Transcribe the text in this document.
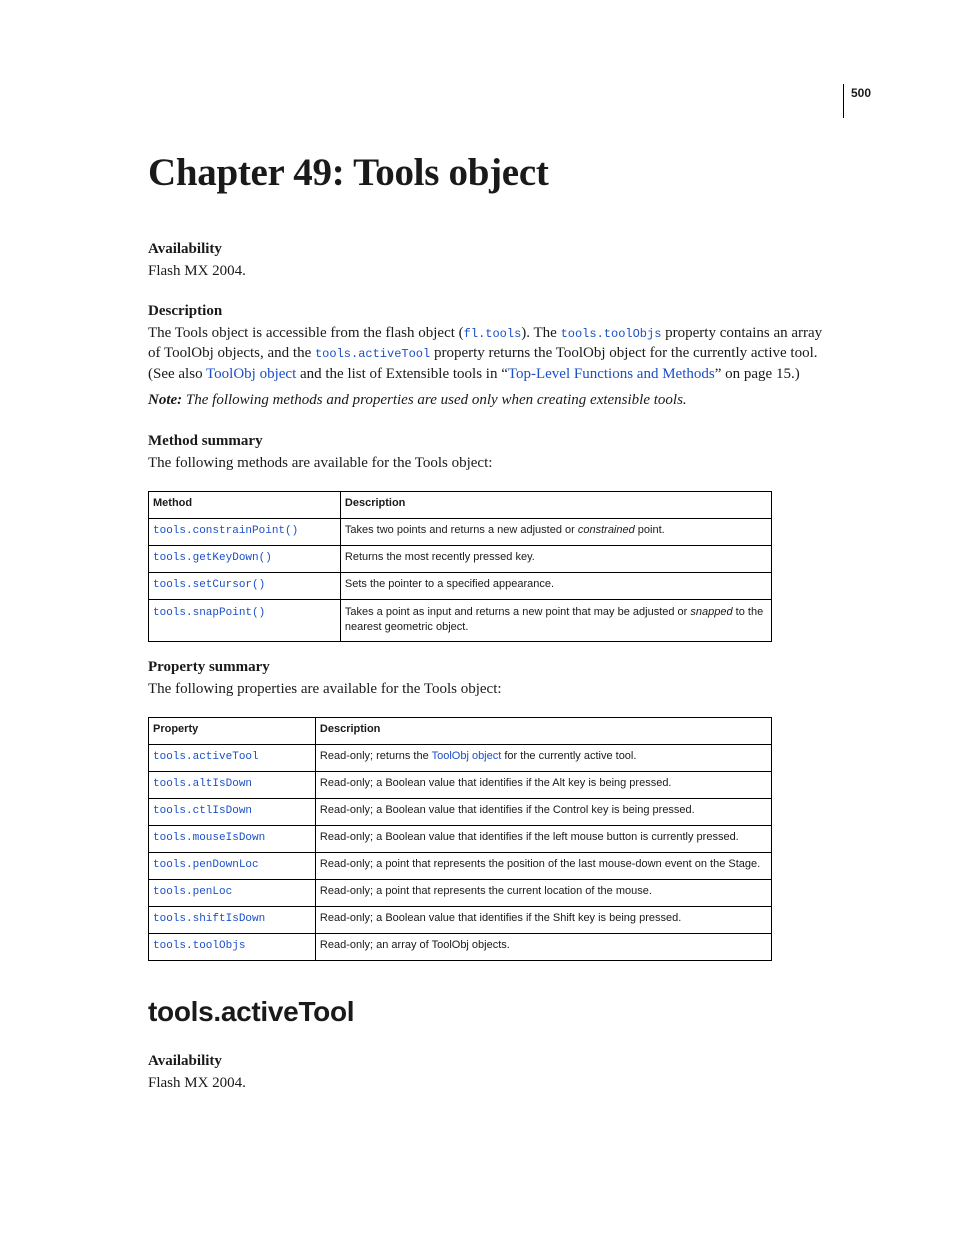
500
Chapter 49: Tools object
Availability
Flash MX 2004.
Description

The Tools object is accessible from the flash object (fl.tools). The tools.toolObjs property contains an array of ToolObj objects, and the tools.activeTool property returns the ToolObj object for the currently active tool. (See also ToolObj object and the list of Extensible tools in “Top-Level Functions and Methods” on page 15.)

Note: The following methods and properties are used only when creating extensible tools.
Method summary
The following methods are available for the Tools object:
Method	Description
tools.constrainPoint()	Takes two points and returns a new adjusted or constrained point.
tools.getKeyDown()	Returns the most recently pressed key.
tools.setCursor()	Sets the pointer to a specified appearance.
tools.snapPoint()	Takes a point as input and returns a new point that may be adjusted or snapped to the nearest geometric object.
Property summary
The following properties are available for the Tools object:
Property	Description
tools.activeTool	Read-only; returns the ToolObj object for the currently active tool.
tools.altIsDown	Read-only; a Boolean value that identifies if the Alt key is being pressed.
tools.ctlIsDown	Read-only; a Boolean value that identifies if the Control key is being pressed.
tools.mouseIsDown	Read-only; a Boolean value that identifies if the left mouse button is currently pressed.
tools.penDownLoc	Read-only; a point that represents the position of the last mouse-down event on the Stage.
tools.penLoc	Read-only; a point that represents the current location of the mouse.
tools.shiftIsDown	Read-only; a Boolean value that identifies if the Shift key is being pressed.
tools.toolObjs	Read-only; an array of ToolObj objects.
tools.activeTool
Availability
Flash MX 2004.
